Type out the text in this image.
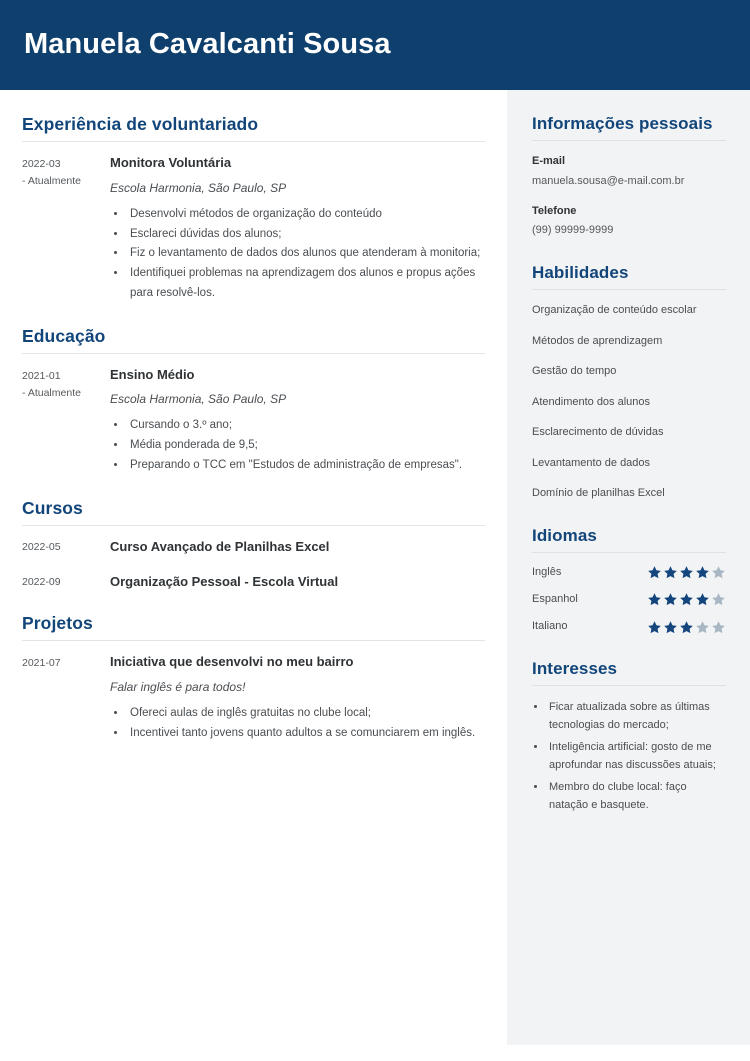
Manuela Cavalcanti Sousa
Experiência de voluntariado
2022-03
- Atualmente
Monitora Voluntária
Escola Harmonia, São Paulo, SP
• Desenvolvi métodos de organização do conteúdo
• Esclareci dúvidas dos alunos;
• Fiz o levantamento de dados dos alunos que atenderam à monitoria;
• Identifiquei problemas na aprendizagem dos alunos e propus ações para resolvê-los.
Educação
2021-01
- Atualmente
Ensino Médio
Escola Harmonia, São Paulo, SP
• Cursando o 3.º ano;
• Média ponderada de 9,5;
• Preparando o TCC em "Estudos de administração de empresas".
Cursos
2022-05	Curso Avançado de Planilhas Excel
2022-09	Organização Pessoal - Escola Virtual
Projetos
2021-07	Iniciativa que desenvolvi no meu bairro
Falar inglês é para todos!
• Ofereci aulas de inglês gratuitas no clube local;
• Incentivei tanto jovens quanto adultos a se comunciarem em inglês.
Informações pessoais
E-mail
manuela.sousa@e-mail.com.br
Telefone
(99) 99999-9999
Habilidades
Organização de conteúdo escolar
Métodos de aprendizagem
Gestão do tempo
Atendimento dos alunos
Esclarecimento de dúvidas
Levantamento de dados
Domínio de planilhas Excel
Idiomas
Inglês
Espanhol
Italiano
Interesses
• Ficar atualizada sobre as últimas tecnologias do mercado;
• Inteligência artificial: gosto de me aprofundar nas discussões atuais;
• Membro do clube local: faço natação e basquete.
